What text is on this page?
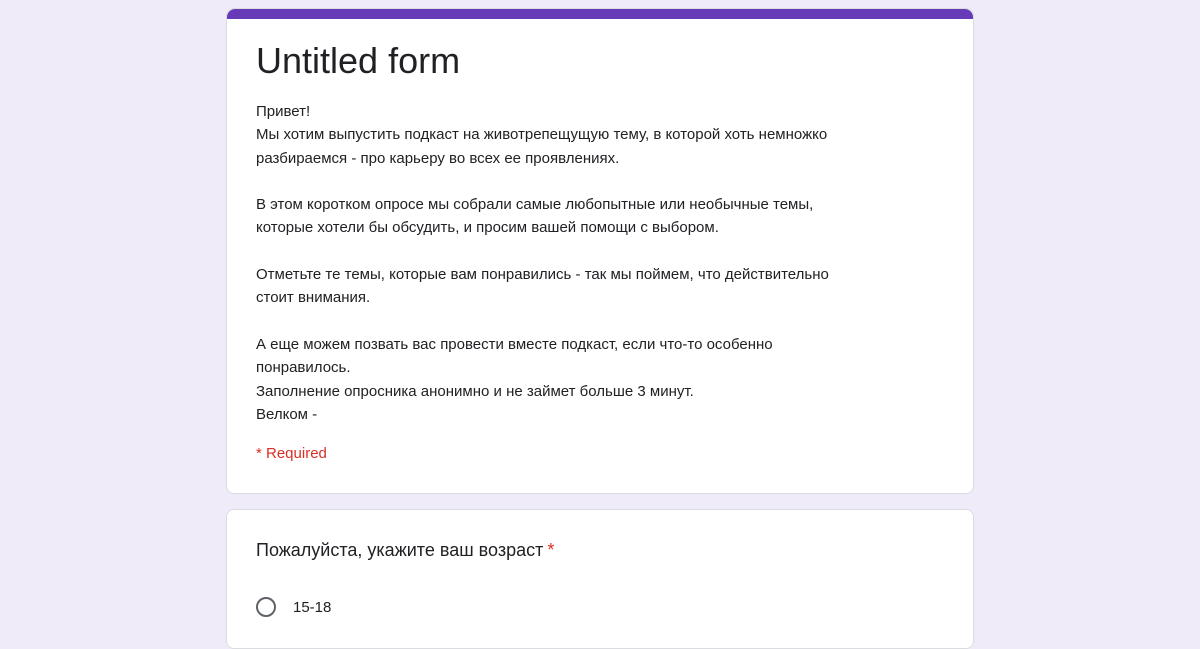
Untitled form
Привет!
Мы хотим выпустить подкаст на животрепещущую тему, в которой хоть немножко
разбираемся - про карьеру во всех ее проявлениях.

В этом коротком опросе мы собрали самые любопытные или необычные темы,
которые хотели бы обсудить, и просим вашей помощи с выбором.

Отметьте те темы, которые вам понравились - так мы поймем, что действительно
стоит внимания.

А еще можем позвать вас провести вместе подкаст, если что-то особенно
понравилось.
Заполнение опросника анонимно и не займет больше 3 минут.
Велком -
* Required
Пожалуйста, укажите ваш возраст *
15-18
